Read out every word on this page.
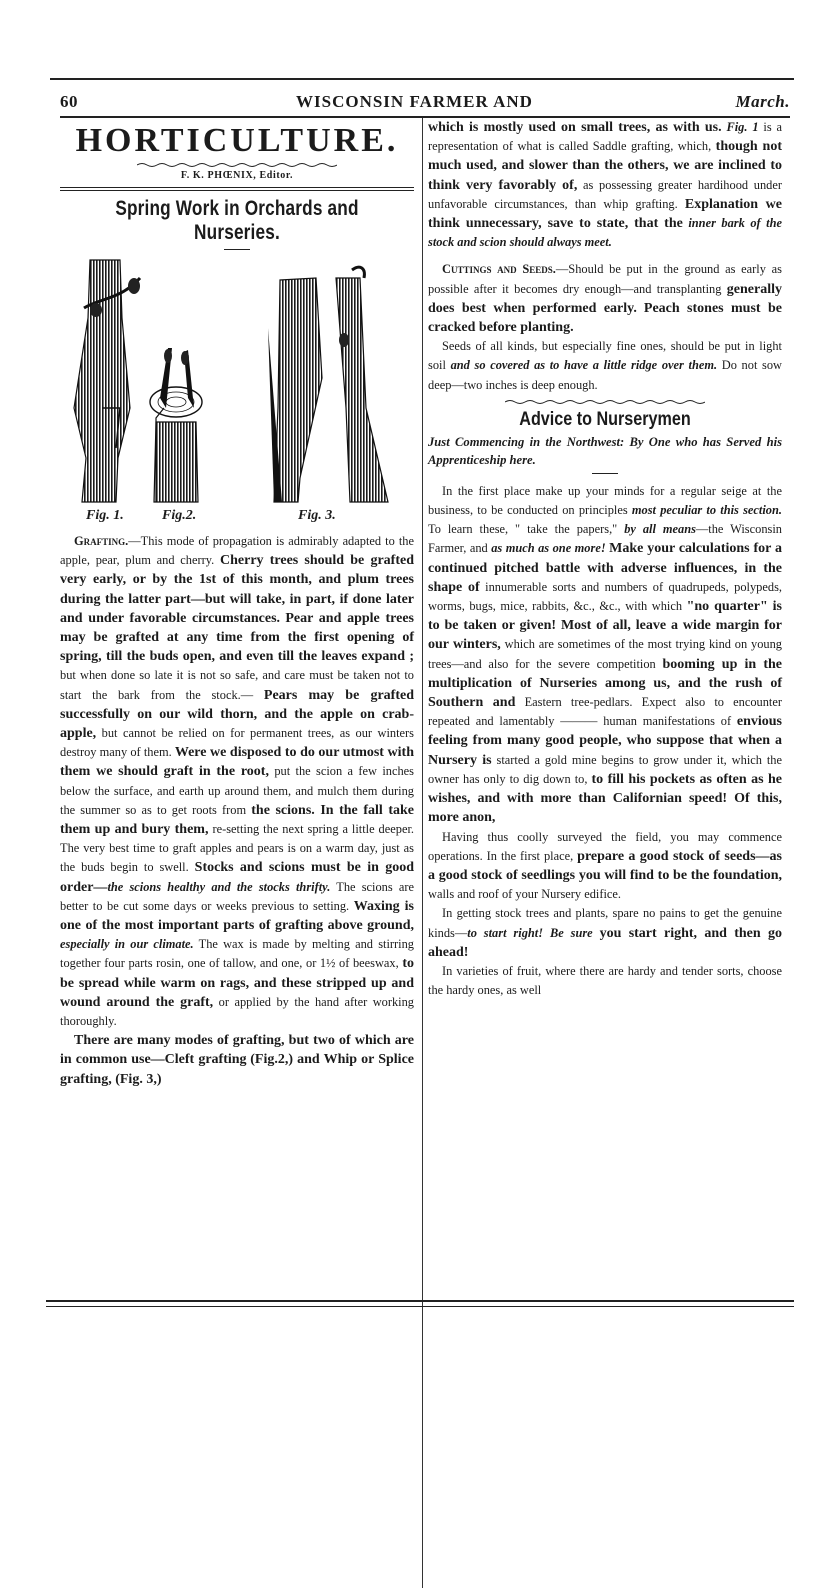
60	WISCONSIN FARMER AND	March.
HORTICULTURE.
F. K. PHŒNIX, Editor.
Spring Work in Orchards and Nurseries.
Fig. 1.	Fig.2.	Fig. 3.

Grafting.—This mode of propagation is admirably adapted to the apple, pear, plum and cherry. Cherry trees should be grafted very early, or by the 1st of this month, and plum trees during the latter part—but will take, in part, if done later and under favorable circumstances. Pear and apple trees may be grafted at any time from the first opening of spring, till the buds open, and even till the leaves expand ; but when done so late it is not so safe, and care must be taken not to start the bark from the stock.— Pears may be grafted successfully on our wild thorn, and the apple on crab-apple, but cannot be relied on for permanent trees, as our winters destroy many of them. Were we disposed to do our utmost with them we should graft in the root, put the scion a few inches below the surface, and earth up around them, and mulch them during the summer so as to get roots from the scions. In the fall take them up and bury them, re-setting the next spring a little deeper. The very best time to graft apples and pears is on a warm day, just as the buds begin to swell. Stocks and scions must be in good order—the scions healthy and the stocks thrifty. The scions are better to be cut some days or weeks previous to setting. Waxing is one of the most important parts of grafting above ground, especially in our climate. The wax is made by melting and stirring together four parts rosin, one of tallow, and one, or 1½ of beeswax, to be spread while warm on rags, and these stripped up and wound around the graft, or applied by the hand after working thoroughly.

There are many modes of grafting, but two of which are in common use—Cleft grafting (Fig.2,) and Whip or Splice grafting, (Fig. 3,)

which is mostly used on small trees, as with us. Fig. 1 is a representation of what is called Saddle grafting, which, though not much used, and slower than the others, we are inclined to think very favorably of, as possessing greater hardihood under unfavorable circumstances, than whip grafting. Explanation we think unnecessary, save to state, that the inner bark of the stock and scion should always meet.

Cuttings and Seeds.—Should be put in the ground as early as possible after it becomes dry enough—and transplanting generally does best when performed early. Peach stones must be cracked before planting.

Seeds of all kinds, but especially fine ones, should be put in light soil and so covered as to have a little ridge over them. Do not sow deep—two inches is deep enough.

Advice to Nurserymen
Just Commencing in the Northwest: By One who has Served his Apprenticeship here.

In the first place make up your minds for a regular seige at the business, to be conducted on principles most peculiar to this section. To learn these, " take the papers," by all means—the Wisconsin Farmer, and as much as one more! Make your calculations for a continued pitched battle with adverse influences, in the shape of innumerable sorts and numbers of quadrupeds, polypeds, worms, bugs, mice, rabbits, &c., &c., with which "no quarter" is to be taken or given! Most of all, leave a wide margin for our winters, which are sometimes of the most trying kind on young trees—and also for the severe competition booming up in the multiplication of Nurseries among us, and the rush of Southern and Eastern tree-pedlars. Expect also to encounter repeated and lamentably ——— human manifestations of envious feeling from many good people, who suppose that when a Nursery is started a gold mine begins to grow under it, which the owner has only to dig down to, to fill his pockets as often as he wishes, and with more than Californian speed! Of this, more anon,

Having thus coolly surveyed the field, you may commence operations. In the first place, prepare a good stock of seeds—as a good stock of seedlings you will find to be the foundation, walls and roof of your Nursery edifice.

In getting stock trees and plants, spare no pains to get the genuine kinds—to start right! Be sure you start right, and then go ahead!

In varieties of fruit, where there are hardy and tender sorts, choose the hardy ones, as well
